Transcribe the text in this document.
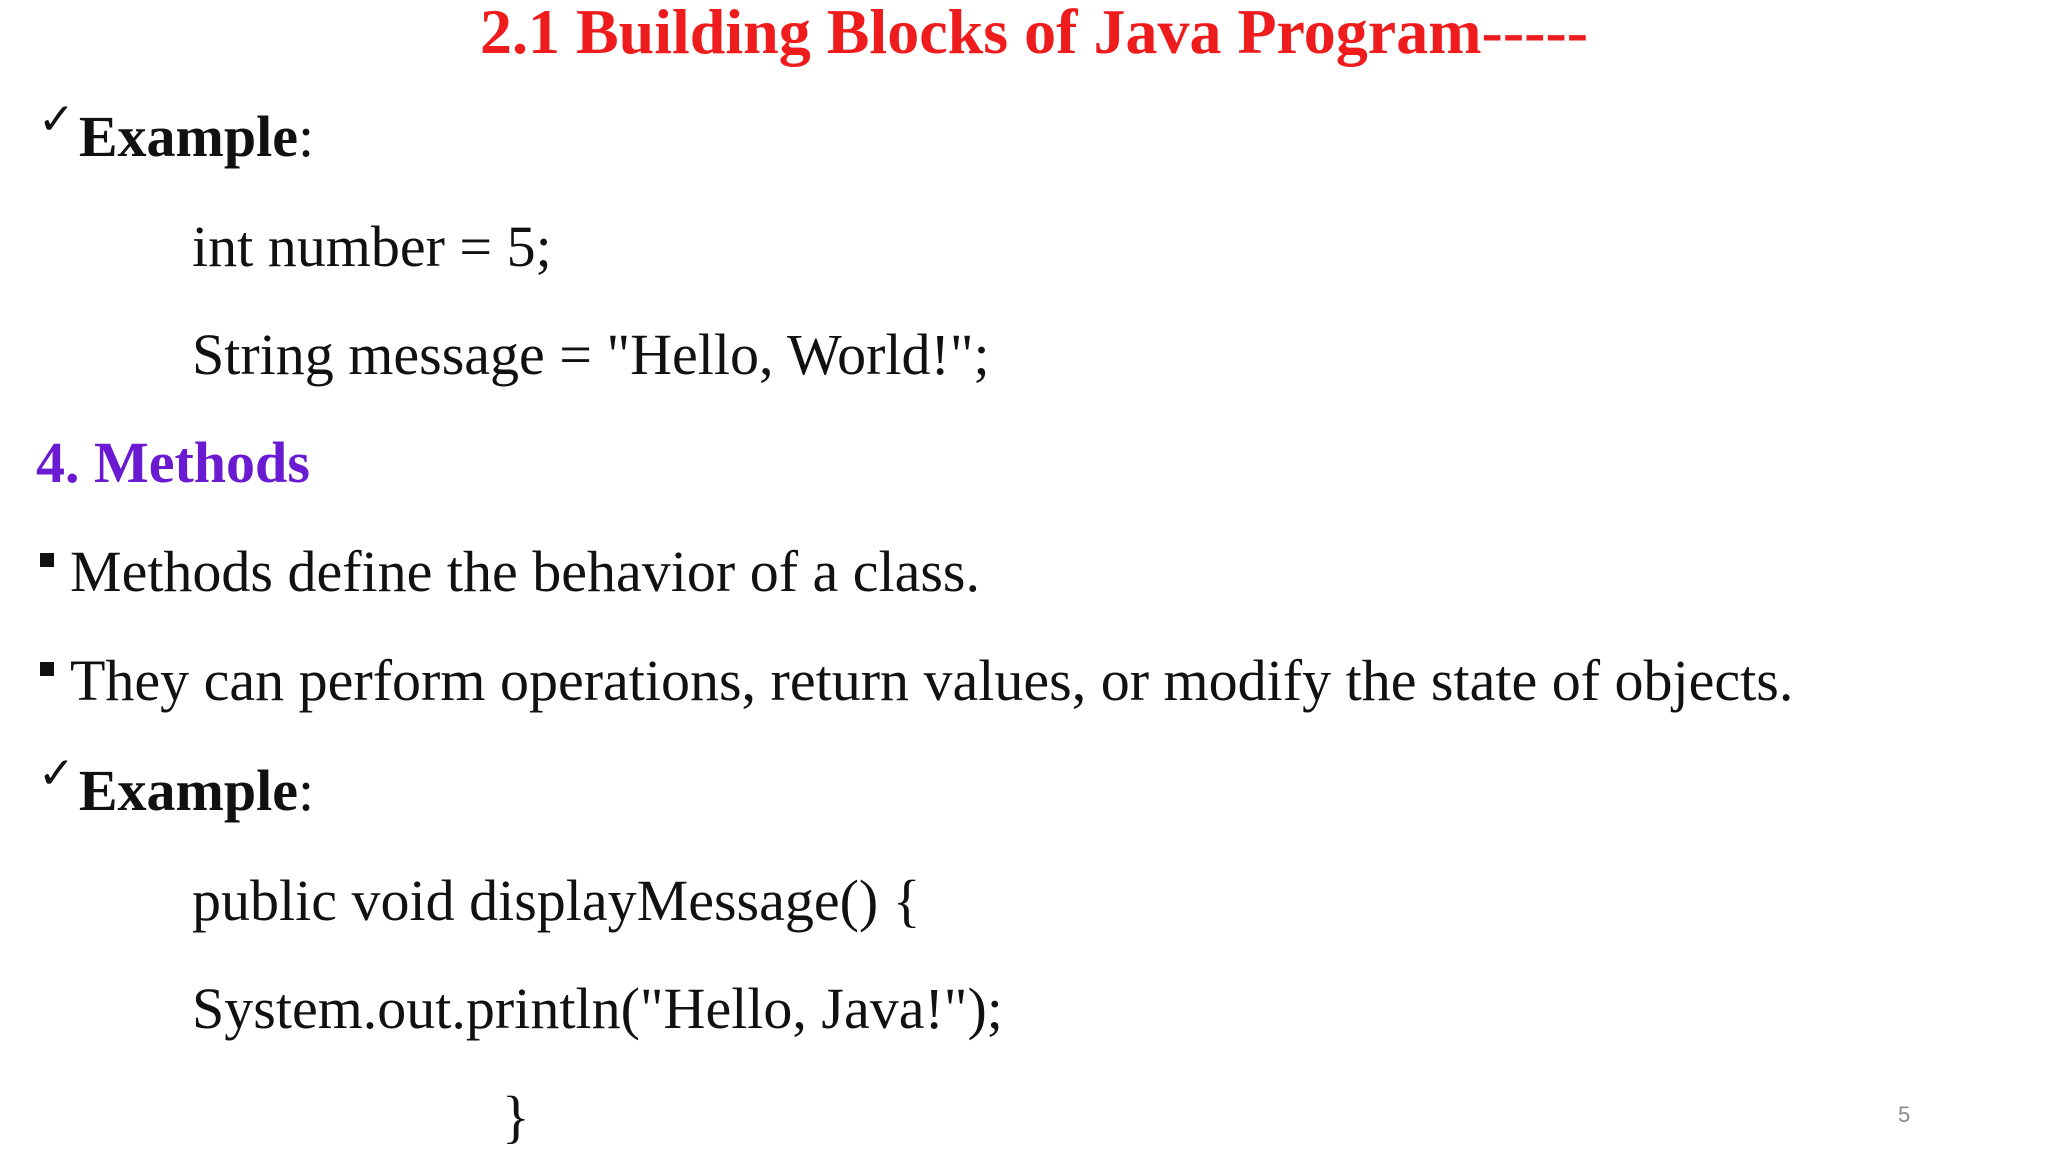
2.1 Building Blocks of Java Program-----
✓Example:
int number = 5;
String message = "Hello, World!";
4. Methods
Methods define the behavior of a class.
They can perform operations, return values, or modify the state of objects.
✓Example:
public void displayMessage() {
System.out.println("Hello, Java!");
}	5
